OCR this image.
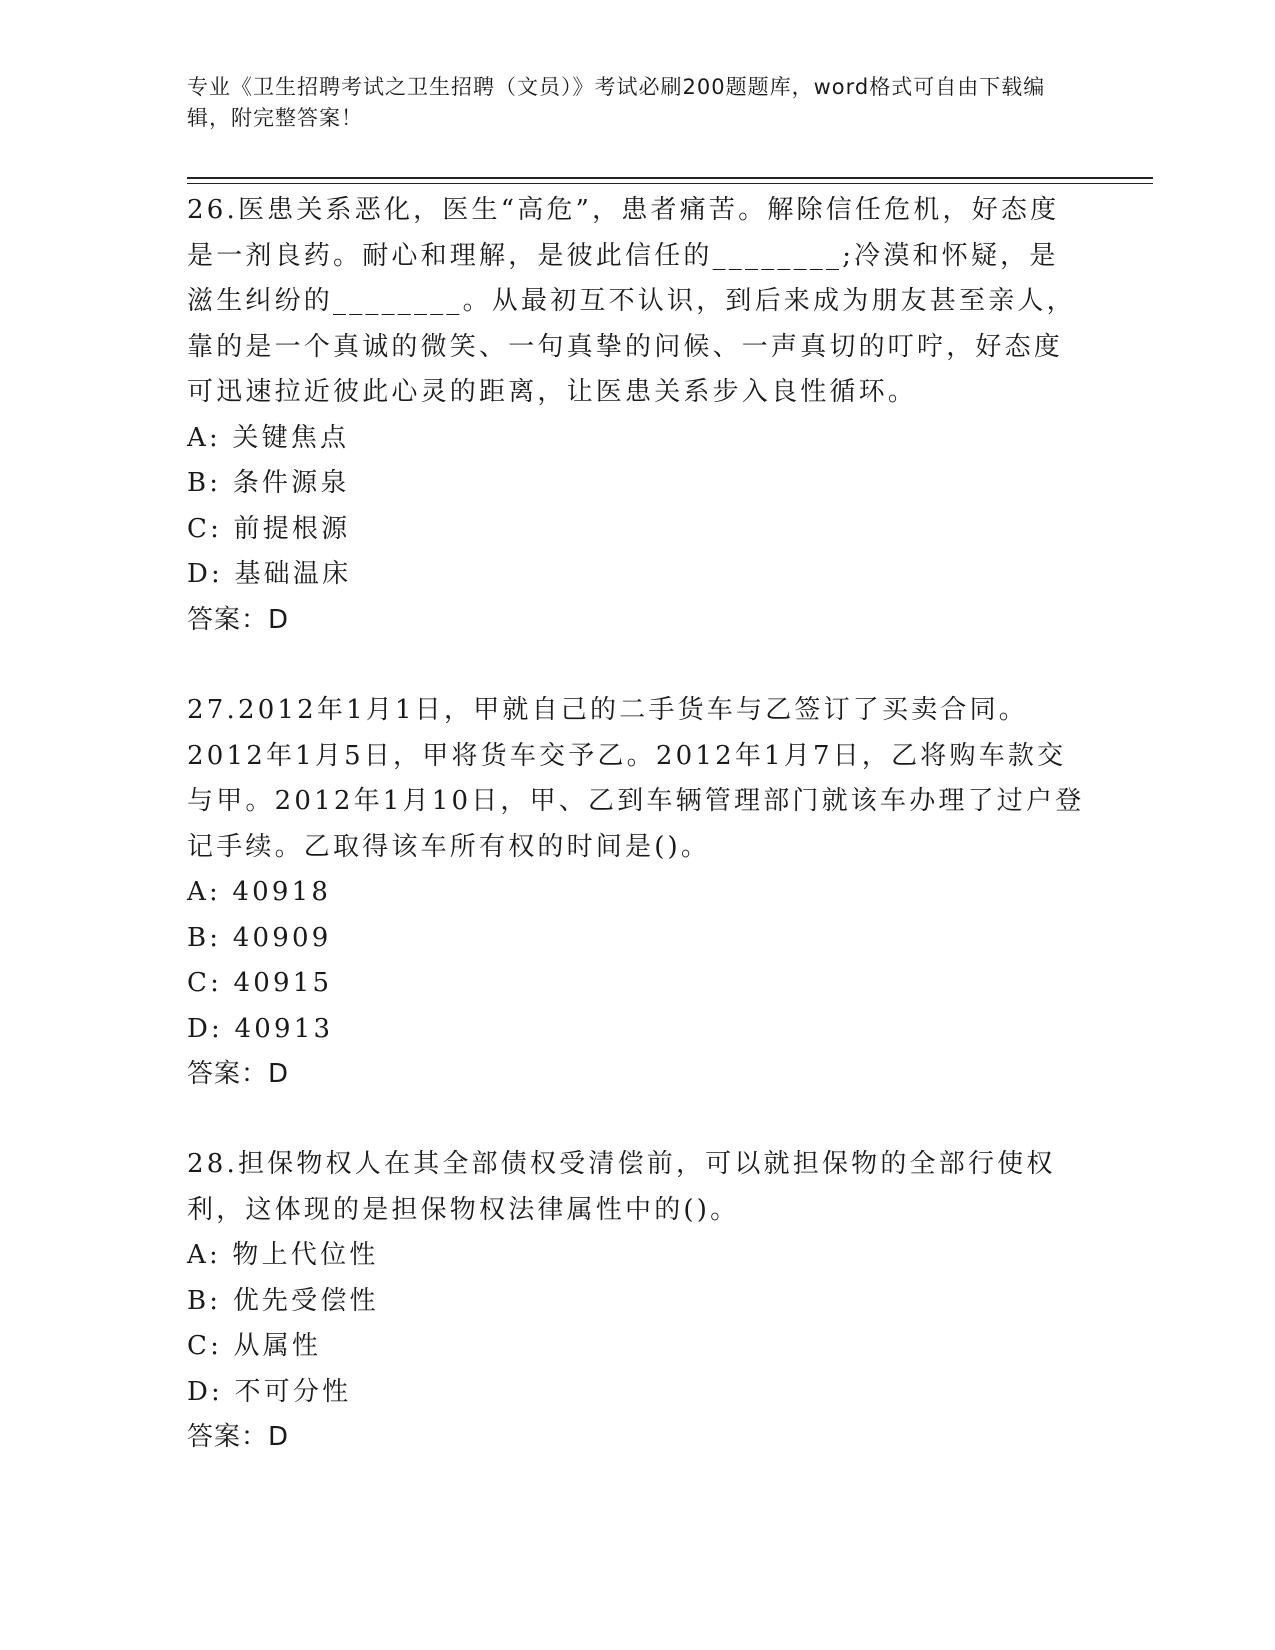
专业《卫生招聘考试之卫生招聘（文员）》考试必刷200题题库，word格式可自由下载编辑，附完整答案！

26.医患关系恶化，医生“高危”，患者痛苦。解除信任危机，好态度是一剂良药。耐心和理解，是彼此信任的________;冷漠和怀疑，是滋生纠纷的________。从最初互不认识，到后来成为朋友甚至亲人，靠的是一个真诚的微笑、一句真挚的问候、一声真切的叮咛，好态度可迅速拉近彼此心灵的距离，让医患关系步入良性循环。

A: 关键焦点

B: 条件源泉

C: 前提根源

D: 基础温床

答案：D

27.2012年1月1日，甲就自己的二手货车与乙签订了买卖合同。2012年1月5日，甲将货车交予乙。2012年1月7日，乙将购车款交与甲。2012年1月10日，甲、乙到车辆管理部门就该车办理了过户登记手续。乙取得该车所有权的时间是()。

A: 40918

B: 40909

C: 40915

D: 40913

答案：D

28.担保物权人在其全部债权受清偿前，可以就担保物的全部行使权利，这体现的是担保物权法律属性中的()。

A: 物上代位性

B: 优先受偿性

C: 从属性

D: 不可分性

答案：D
